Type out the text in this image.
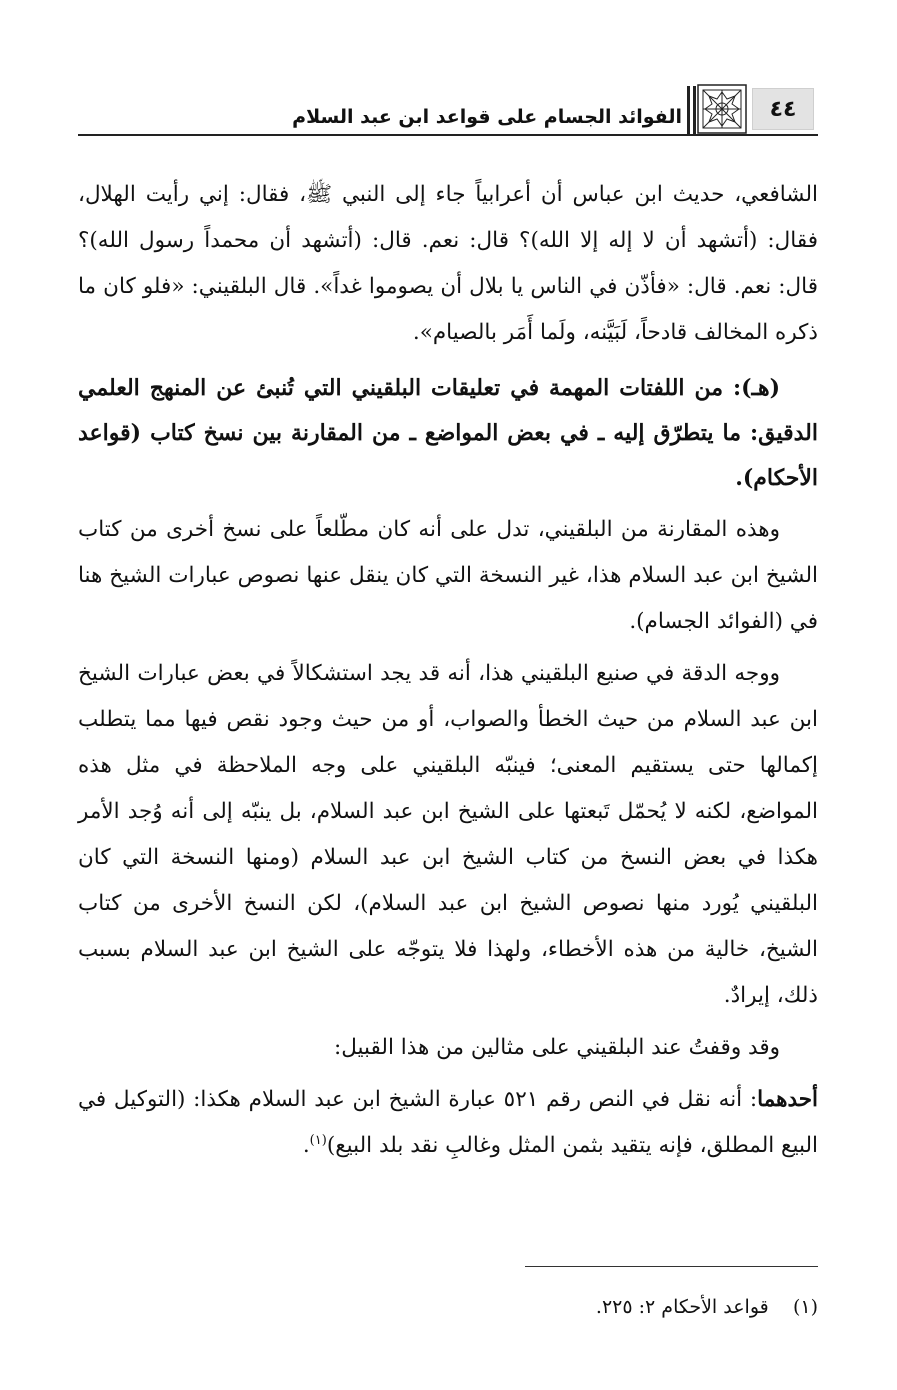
٤٤
الفوائد الجسام على قواعد ابن عبد السلام

الشافعي، حديث ابن عباس أن أعرابياً جاء إلى النبي ﷺ، فقال: إني رأيت الهلال، فقال: (أتشهد أن لا إله إلا الله)؟ قال: نعم. قال: (أتشهد أن محمداً رسول الله)؟ قال: نعم. قال: «فأذّن في الناس يا بلال أن يصوموا غداً». قال البلقيني: «فلو كان ما ذكره المخالف قادحاً، لَبَيَّنه، ولَما أَمَر بالصيام».

(هـ): من اللفتات المهمة في تعليقات البلقيني التي تُنبئ عن المنهج العلمي الدقيق: ما يتطرّق إليه ـ في بعض المواضع ـ من المقارنة بين نسخ كتاب (قواعد الأحكام).

وهذه المقارنة من البلقيني، تدل على أنه كان مطّلعاً على نسخ أخرى من كتاب الشيخ ابن عبد السلام هذا، غير النسخة التي كان ينقل عنها نصوص عبارات الشيخ هنا في (الفوائد الجسام).

ووجه الدقة في صنيع البلقيني هذا، أنه قد يجد استشكالاً في بعض عبارات الشيخ ابن عبد السلام من حيث الخطأ والصواب، أو من حيث وجود نقص فيها مما يتطلب إكمالها حتى يستقيم المعنى؛ فينبّه البلقيني على وجه الملاحظة في مثل هذه المواضع، لكنه لا يُحمّل تَبعتها على الشيخ ابن عبد السلام، بل ينبّه إلى أنه وُجد الأمر هكذا في بعض النسخ من كتاب الشيخ ابن عبد السلام (ومنها النسخة التي كان البلقيني يُورد منها نصوص الشيخ ابن عبد السلام)، لكن النسخ الأخرى من كتاب الشيخ، خالية من هذه الأخطاء، ولهذا فلا يتوجّه على الشيخ ابن عبد السلام بسبب ذلك، إيرادٌ.

وقد وقفتُ عند البلقيني على مثالين من هذا القبيل:

أحدهما: أنه نقل في النص رقم ٥٢١ عبارة الشيخ ابن عبد السلام هكذا: (التوكيل في البيع المطلق، فإنه يتقيد بثمن المثل وغالبِ نقد بلد البيع)$^{(١)}$.

(١)    قواعد الأحكام ٢: ٢٢٥.
